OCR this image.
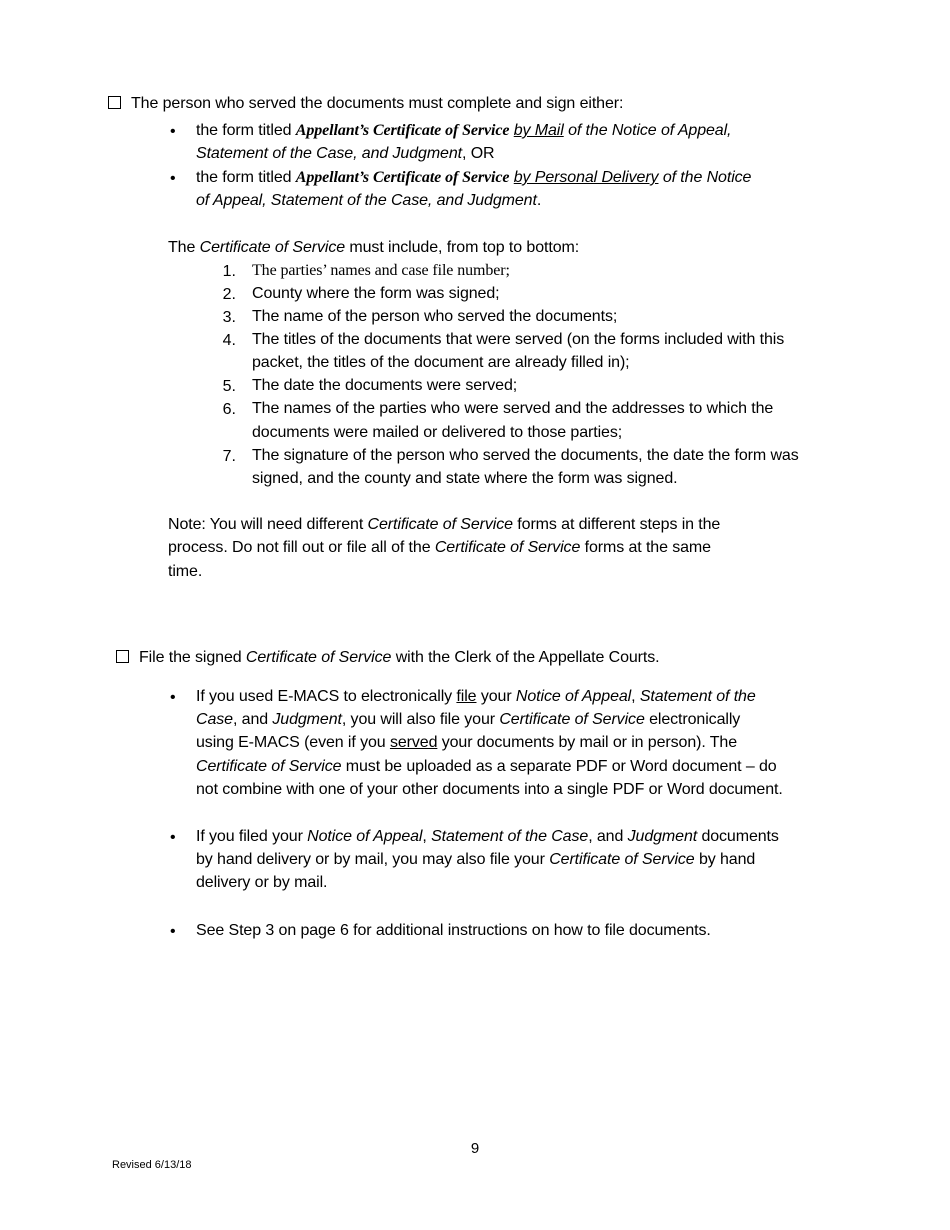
The person who served the documents must complete and sign either:
• the form titled Appellant’s Certificate of Service by Mail of the Notice of Appeal,
Statement of the Case, and Judgment, OR
• the form titled Appellant’s Certificate of Service by Personal Delivery of the Notice
of Appeal, Statement of the Case, and Judgment.
The Certificate of Service must include, from top to bottom:
1. The parties’ names and case file number;
2. County where the form was signed;
3. The name of the person who served the documents;
4. The titles of the documents that were served (on the forms included with this
packet, the titles of the document are already filled in);
5. The date the documents were served;
6. The names of the parties who were served and the addresses to which the
documents were mailed or delivered to those parties;
7. The signature of the person who served the documents, the date the form was
signed, and the county and state where the form was signed.
Note: You will need different Certificate of Service forms at different steps in the
process. Do not fill out or file all of the Certificate of Service forms at the same
time.
File the signed Certificate of Service with the Clerk of the Appellate Courts.
• If you used E-MACS to electronically file your Notice of Appeal, Statement of the
Case, and Judgment, you will also file your Certificate of Service electronically
using E-MACS (even if you served your documents by mail or in person). The
Certificate of Service must be uploaded as a separate PDF or Word document – do
not combine with one of your other documents into a single PDF or Word document.
• If you filed your Notice of Appeal, Statement of the Case, and Judgment documents
by hand delivery or by mail, you may also file your Certificate of Service by hand
delivery or by mail.
• See Step 3 on page 6 for additional instructions on how to file documents.
9
Revised 6/13/18
